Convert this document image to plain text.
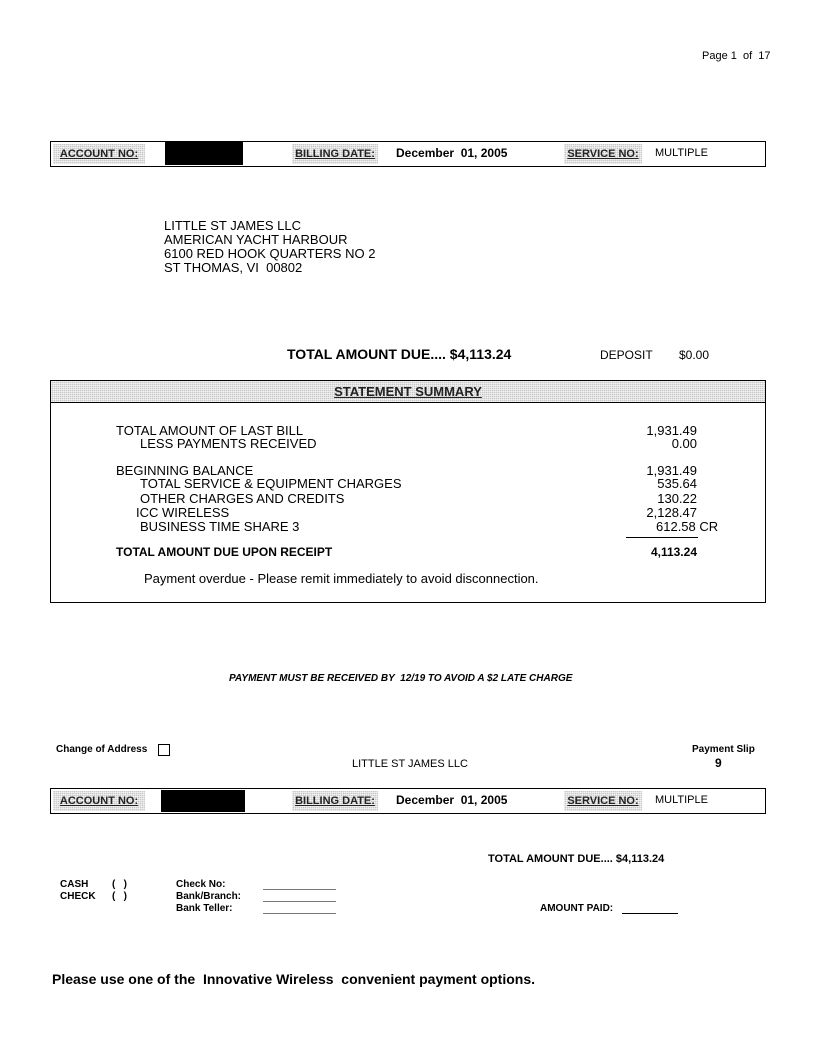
Page 1  of  17
ACCOUNT NO:	BILLING DATE: December  01, 2005	SERVICE NO:	MULTIPLE
LITTLE ST JAMES LLC
AMERICAN YACHT HARBOUR
6100 RED HOOK QUARTERS NO 2
ST THOMAS, VI  00802
TOTAL AMOUNT DUE.... $4,113.24	DEPOSIT $0.00
STATEMENT SUMMARY
TOTAL AMOUNT OF LAST BILL	1,931.49
LESS PAYMENTS RECEIVED	0.00
BEGINNING BALANCE	1,931.49
TOTAL SERVICE & EQUIPMENT CHARGES	535.64
OTHER CHARGES AND CREDITS	130.22
ICC WIRELESS	2,128.47
BUSINESS TIME SHARE 3	612.58 CR
TOTAL AMOUNT DUE UPON RECEIPT	4,113.24
Payment overdue - Please remit immediately to avoid disconnection.
PAYMENT MUST BE RECEIVED BY  12/19 TO AVOID A $2 LATE CHARGE
Change of Address	Payment Slip
9
LITTLE ST JAMES LLC
ACCOUNT NO:	BILLING DATE: December  01, 2005	SERVICE NO:	MULTIPLE
TOTAL AMOUNT DUE.... $4,113.24
CASH (   )
CHECK (   )
Check No:
Bank/Branch:
Bank Teller:	AMOUNT PAID:
Please use one of the  Innovative Wireless  convenient payment options.
